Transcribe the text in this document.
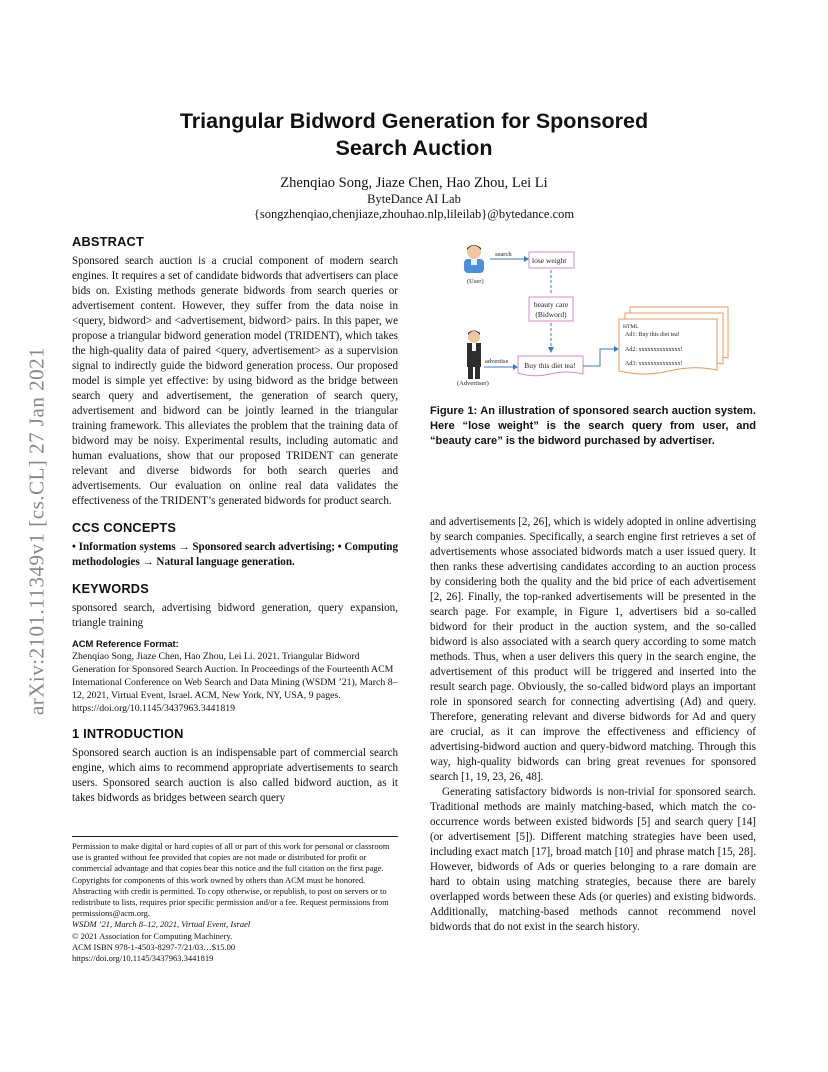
arXiv:2101.11349v1 [cs.CL] 27 Jan 2021
Triangular Bidword Generation for Sponsored
Search Auction
Zhenqiao Song, Jiaze Chen, Hao Zhou, Lei Li
ByteDance AI Lab
{songzhenqiao,chenjiaze,zhouhao.nlp,lileilab}@bytedance.com
ABSTRACT

Sponsored search auction is a crucial component of modern search engines. It requires a set of candidate bidwords that advertisers can place bids on. Existing methods generate bidwords from search queries or advertisement content. However, they suffer from the data noise in <query, bidword> and <advertisement, bidword> pairs. In this paper, we propose a triangular bidword generation model (TRIDENT), which takes the high-quality data of paired <query, advertisement> as a supervision signal to indirectly guide the bidword generation process. Our proposed model is simple yet effective: by using bidword as the bridge between search query and advertisement, the generation of search query, advertisement and bidword can be jointly learned in the triangular training framework. This alleviates the problem that the training data of bidword may be noisy. Experimental results, including automatic and human evaluations, show that our proposed TRIDENT can generate relevant and diverse bidwords for both search queries and advertisements. Our evaluation on online real data validates the effectiveness of the TRIDENT’s generated bidwords for product search.

CCS CONCEPTS

• Information systems → Sponsored search advertising; • Computing methodologies → Natural language generation.

KEYWORDS

sponsored search, advertising bidword generation, query expansion, triangle training

ACM Reference Format:

Zhenqiao Song, Jiaze Chen, Hao Zhou, Lei Li. 2021. Triangular Bidword Generation for Sponsored Search Auction. In Proceedings of the Fourteenth ACM International Conference on Web Search and Data Mining (WSDM ’21), March 8–12, 2021, Virtual Event, Israel. ACM, New York, NY, USA, 9 pages. https://doi.org/10.1145/3437963.3441819

1 INTRODUCTION

Sponsored search auction is an indispensable part of commercial search engine, which aims to recommend appropriate advertisements to search users. Sponsored search auction is also called bidword auction, as it takes bidwords as bridges between search query

Permission to make digital or hard copies of all or part of this work for personal or classroom use is granted without fee provided that copies are not made or distributed for profit or commercial advantage and that copies bear this notice and the full citation on the first page. Copyrights for components of this work owned by others than ACM must be honored. Abstracting with credit is permitted. To copy otherwise, or republish, to post on servers or to redistribute to lists, requires prior specific permission and/or a fee. Request permissions from permissions@acm.org.

WSDM ’21, March 8–12, 2021, Virtual Event, Israel

© 2021 Association for Computing Machinery.

ACM ISBN 978-1-4503-8297-7/21/03…$15.00

https://doi.org/10.1145/3437963.3441819

(User)
search
lose weight
beauty care
(Bidword)
(Advertiser)
advertise Buy this diet tea!
HTML
Ad1: Buy this diet tea!
Ad2: xxxxxxxxxxxxxx!
Ad3: xxxxxxxxxxxxxx!
Figure 1: An illustration of sponsored search auction system. Here “lose weight” is the search query from user, and “beauty care” is the bidword purchased by advertiser.

and advertisements [2, 26], which is widely adopted in online advertising by search companies. Specifically, a search engine first retrieves a set of advertisements whose associated bidwords match a user issued query. It then ranks these advertising candidates according to an auction process by considering both the quality and the bid price of each advertisement [2, 26]. Finally, the top-ranked advertisements will be presented in the search page. For example, in Figure 1, advertisers bid a so-called bidword for their product in the auction system, and the so-called bidword is also associated with a search query according to some match methods. Thus, when a user delivers this query in the search engine, the advertisement of this product will be triggered and inserted into the result search page. Obviously, the so-called bidword plays an important role in sponsored search for connecting advertising (Ad) and query. Therefore, generating relevant and diverse bidwords for Ad and query are crucial, as it can improve the effectiveness and efficiency of advertising-bidword auction and query-bidword matching. Through this way, high-quality bidwords can bring great revenues for sponsored search [1, 19, 23, 26, 48].

Generating satisfactory bidwords is non-trivial for sponsored search. Traditional methods are mainly matching-based, which match the co-occurrence words between existed bidwords [5] and search query [14] (or advertisement [5]). Different matching strategies have been used, including exact match [17], broad match [10] and phrase match [15, 28]. However, bidwords of Ads or queries belonging to a rare domain are hard to obtain using matching strategies, because there are barely overlapped words between these Ads (or queries) and existing bidwords. Additionally, matching-based methods cannot recommend novel bidwords that do not exist in the search history.
